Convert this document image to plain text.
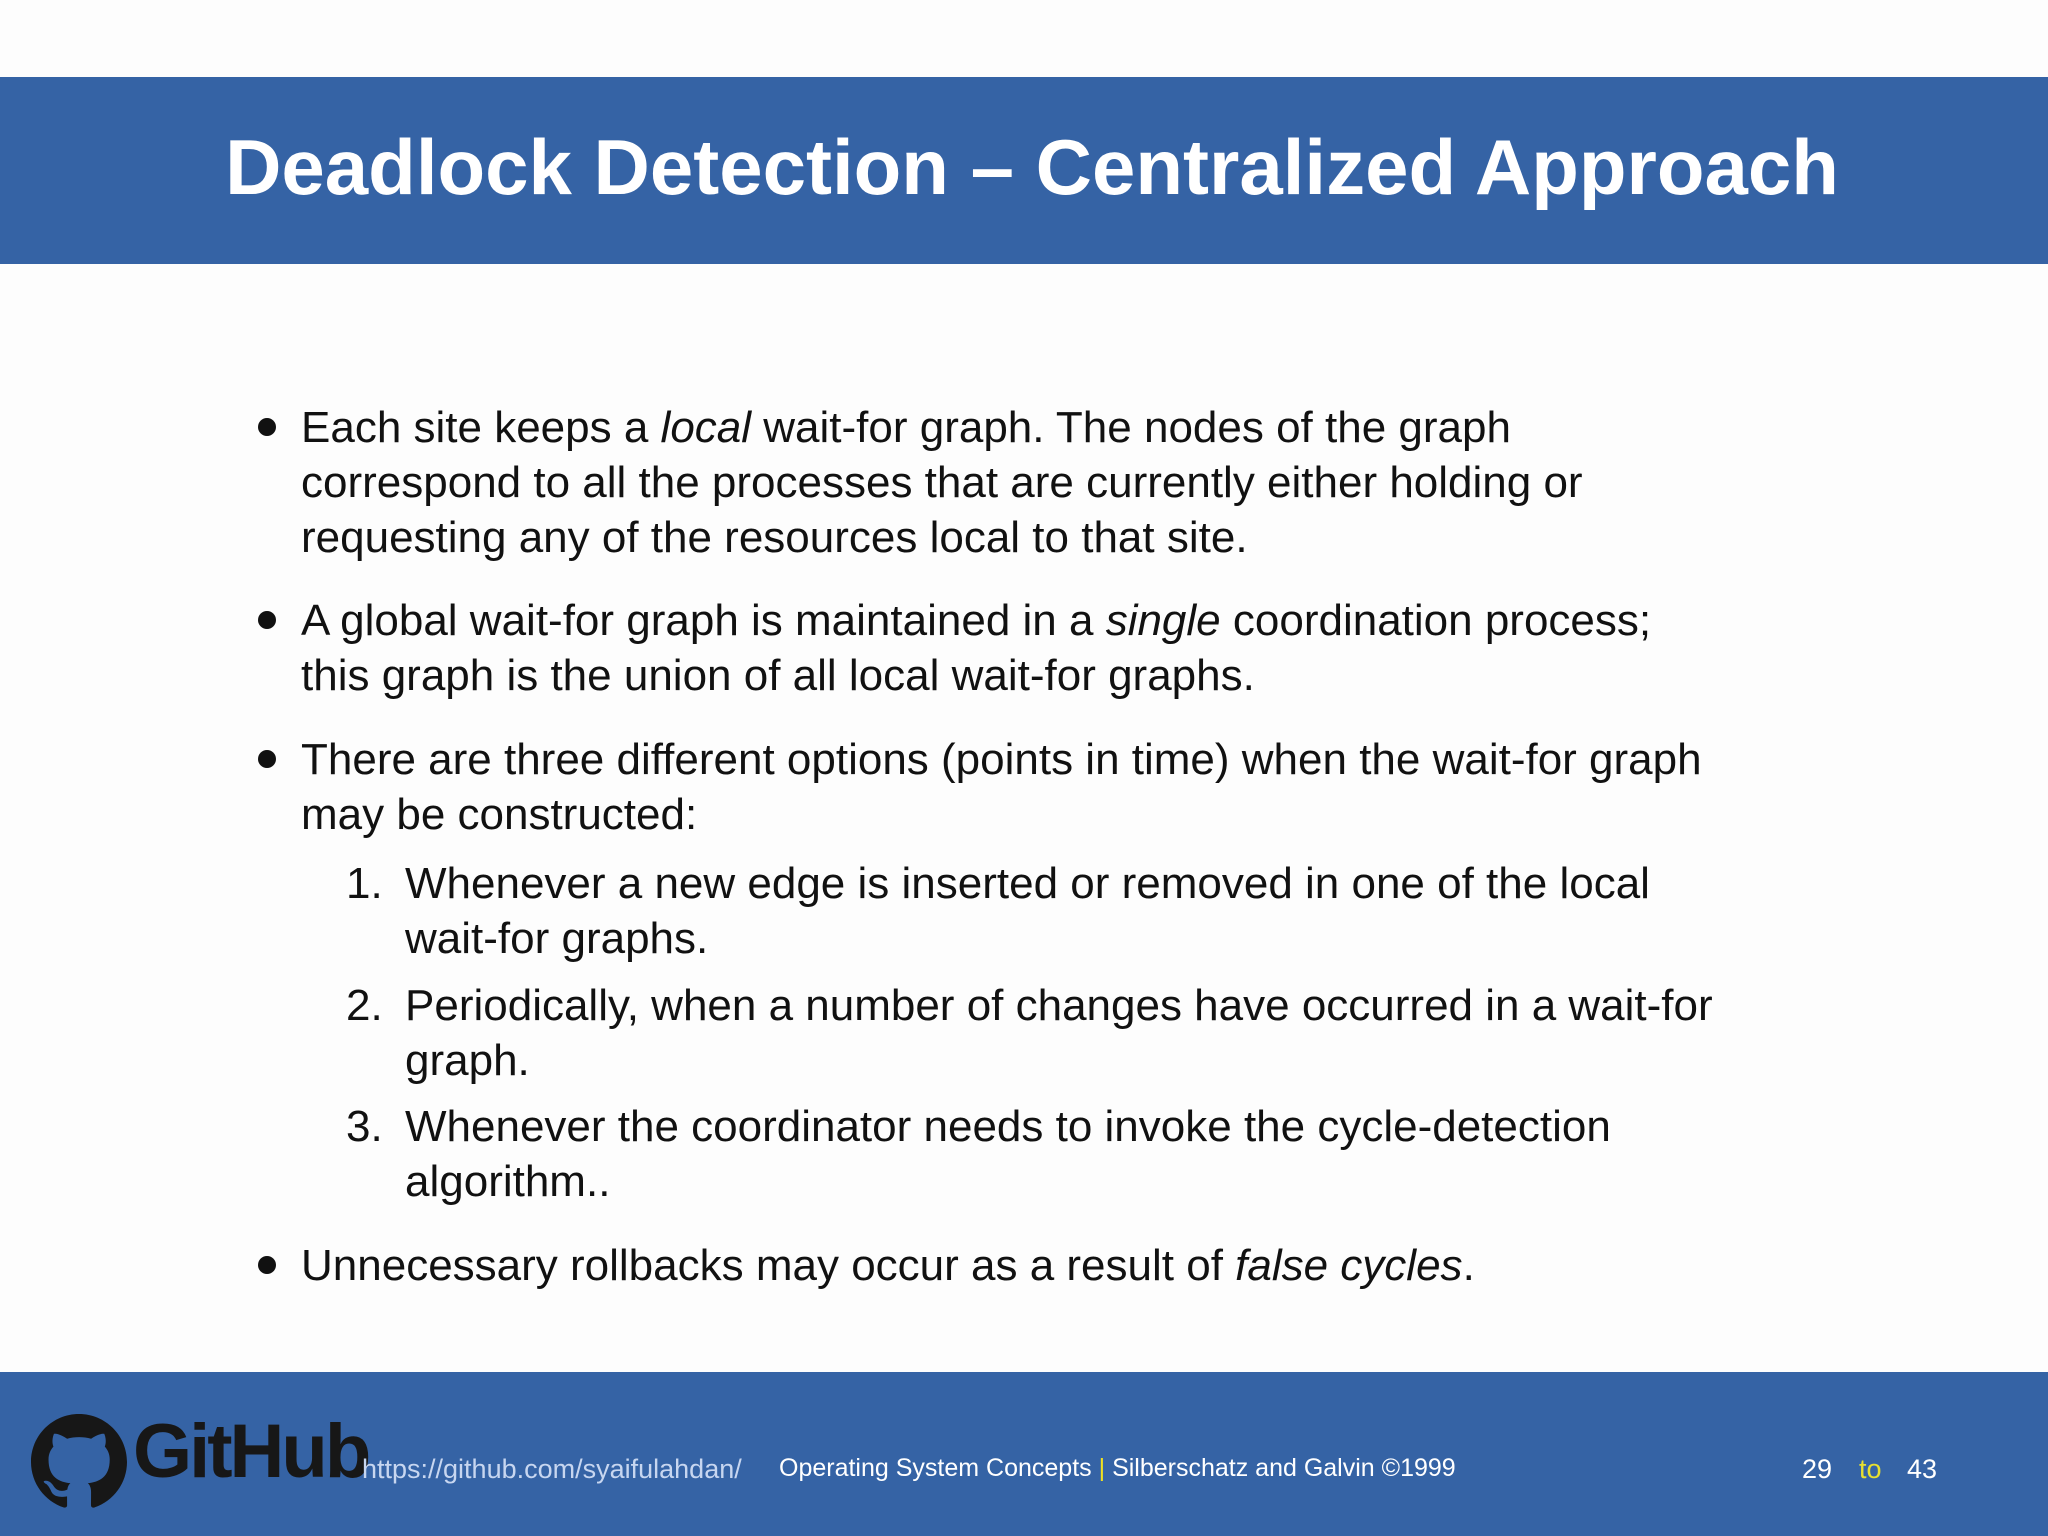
Deadlock Detection – Centralized Approach
Each site keeps a local wait-for graph. The nodes of the graph
correspond to all the processes that are currently either holding or
requesting any of the resources local to that site.
A global wait-for graph is maintained in a single coordination process;
this graph is the union of all local wait-for graphs.
There are three different options (points in time) when the wait-for graph
may be constructed:
1. Whenever a new edge is inserted or removed in one of the local
wait-for graphs.
2. Periodically, when a number of changes have occurred in a wait-for
graph.
3. Whenever the coordinator needs to invoke the cycle-detection
algorithm..
Unnecessary rollbacks may occur as a result of false cycles.
GitHub
https://github.com/syaifulahdan/ Operating System Concepts | Silberschatz and Galvin ©1999	29 to 43
